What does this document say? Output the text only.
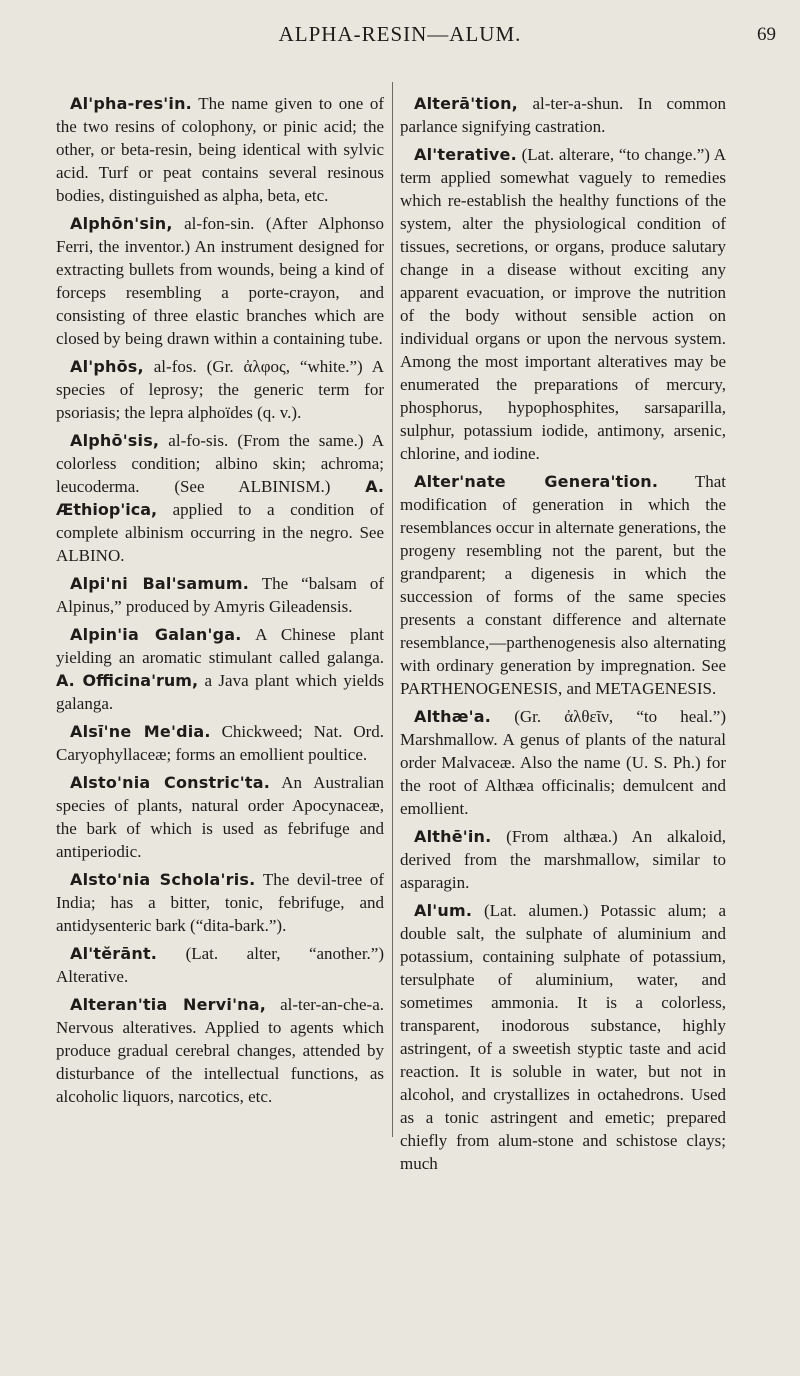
ALPHA-RESIN—ALUM.	69

Al'pha-res'in. The name given to one of the two resins of colophony, or pinic acid; the other, or beta-resin, being identical with sylvic acid. Turf or peat contains several resinous bodies, distinguished as alpha, beta, etc.

Alphōn'sin, al-fon-sin. (After Alphonso Ferri, the inventor.) An instrument designed for extracting bullets from wounds, being a kind of forceps resembling a porte-crayon, and consisting of three elastic branches which are closed by being drawn within a containing tube.

Al'phōs, al-fos. (Gr. ἀλφος, “white.”) A species of leprosy; the generic term for psoriasis; the lepra alphoïdes (q. v.).

Alphō'sis, al-fo-sis. (From the same.) A colorless condition; albino skin; achroma; leucoderma. (See ALBINISM.) A. Æthiop'ica, applied to a condition of complete albinism occurring in the negro. See ALBINO.

Alpi'ni Bal'samum. The “balsam of Alpinus,” produced by Amyris Gileadensis.

Alpin'ia Galan'ga. A Chinese plant yielding an aromatic stimulant called galanga. A. Officina'rum, a Java plant which yields galanga.

Alsī'ne Me'dia. Chickweed; Nat. Ord. Caryophyllaceæ; forms an emollient poultice.

Alsto'nia Constric'ta. An Australian species of plants, natural order Apocynaceæ, the bark of which is used as febrifuge and antiperiodic.

Alsto'nia Schola'ris. The devil-tree of India; has a bitter, tonic, febrifuge, and antidysenteric bark (“dita-bark.”).

Al'tĕrānt. (Lat. alter, “another.”) Alterative.

Alteran'tia Nervi'na, al-ter-an-che-a. Nervous alteratives. Applied to agents which produce gradual cerebral changes, attended by disturbance of the intellectual functions, as alcoholic liquors, narcotics, etc.

Alterā'tion, al-ter-a-shun. In common parlance signifying castration.

Al'terative. (Lat. alterare, “to change.”) A term applied somewhat vaguely to remedies which re-establish the healthy functions of the system, alter the physiological condition of tissues, secretions, or organs, produce salutary change in a disease without exciting any apparent evacuation, or improve the nutrition of the body without sensible action on individual organs or upon the nervous system. Among the most important alteratives may be enumerated the preparations of mercury, phosphorus, hypophosphites, sarsaparilla, sulphur, potassium iodide, antimony, arsenic, chlorine, and iodine.

Alter'nate Genera'tion. That modification of generation in which the resemblances occur in alternate generations, the progeny resembling not the parent, but the grandparent; a digenesis in which the succession of forms of the same species presents a constant difference and alternate resemblance,—parthenogenesis also alternating with ordinary generation by impregnation. See PARTHENOGENESIS, and METAGENESIS.

Althæ'a. (Gr. ἀλθεῖν, “to heal.”) Marshmallow. A genus of plants of the natural order Malvaceæ. Also the name (U. S. Ph.) for the root of Althæa officinalis; demulcent and emollient.

Althē'in. (From althæa.) An alkaloid, derived from the marshmallow, similar to asparagin.

Al'um. (Lat. alumen.) Potassic alum; a double salt, the sulphate of aluminium and potassium, containing sulphate of potassium, tersulphate of aluminium, water, and sometimes ammonia. It is a colorless, transparent, inodorous substance, highly astringent, of a sweetish styptic taste and acid reaction. It is soluble in water, but not in alcohol, and crystallizes in octahedrons. Used as a tonic astringent and emetic; prepared chiefly from alum-stone and schistose clays; much
